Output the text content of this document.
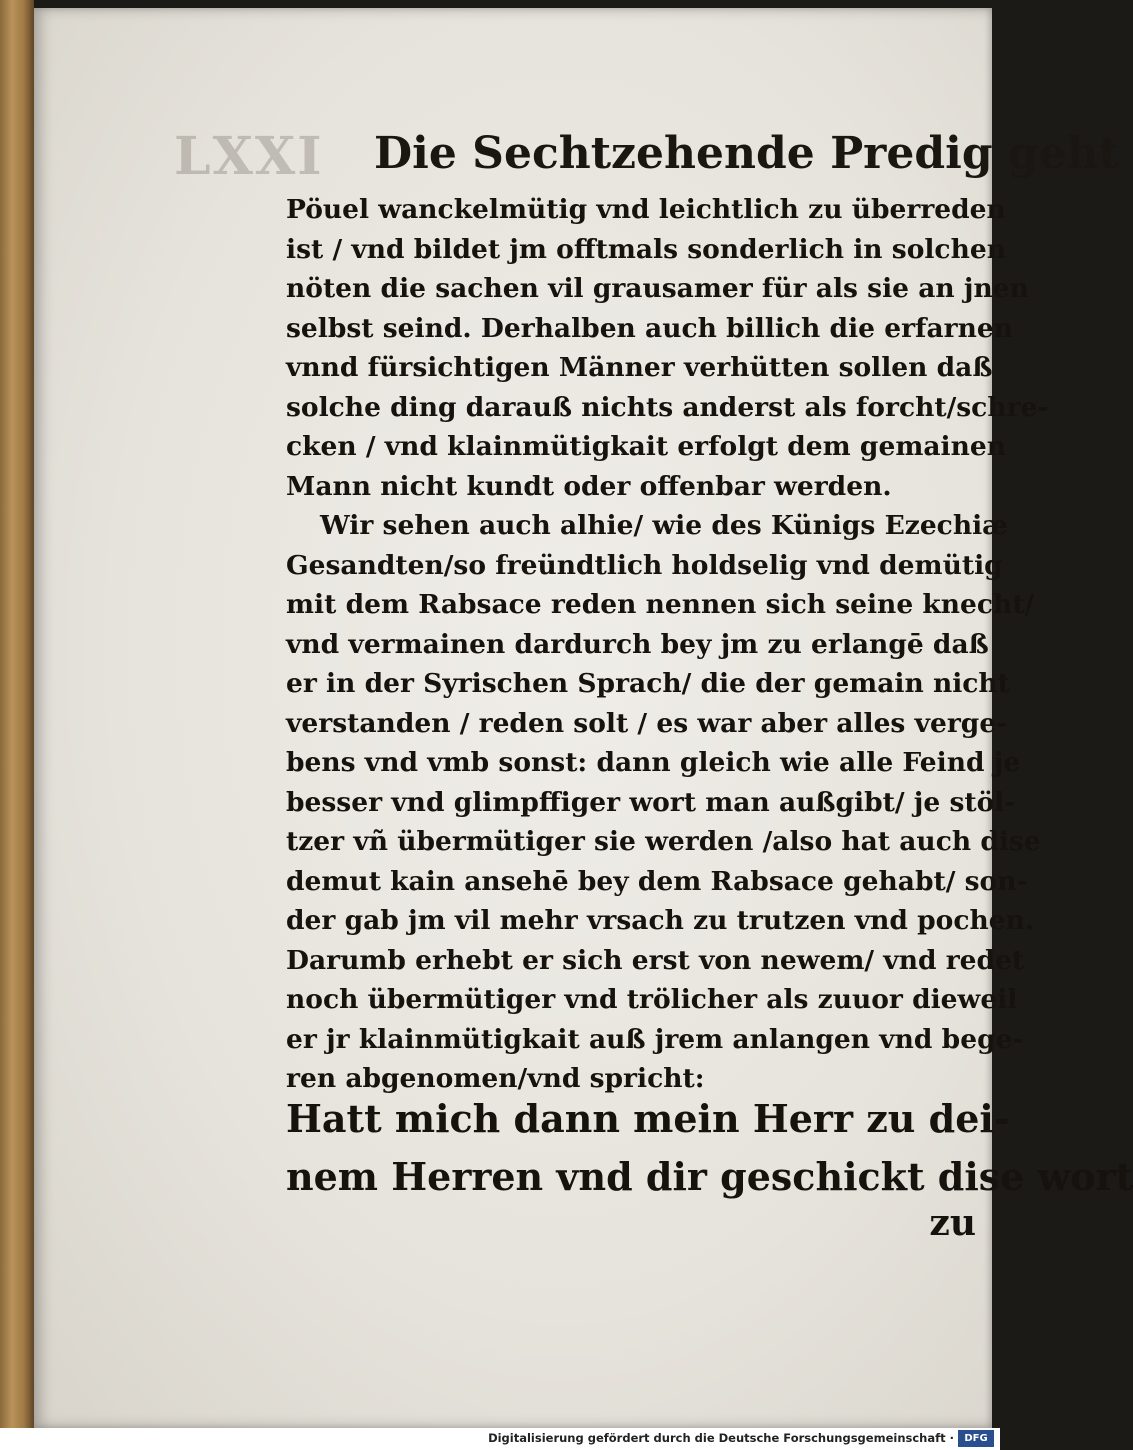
LXXI Die Sechtzehende Predig geht
Pöuel wanckelmütig vnd leichtlich zu überreden
ist / vnd bildet jm offtmals sonderlich in solchen
nöten die sachen vil grausamer für als sie an jnen
selbst seind. Derhalben auch billich die erfarnen
vnnd fürsichtigen Männer verhütten sollen daß
solche ding darauß nichts anderst als forcht/schre-
cken / vnd klainmütigkait erfolgt dem gemainen
Mann nicht kundt oder offenbar werden.
Wir sehen auch alhie/ wie des Künigs Ezechiæ
Gesandten/so freündtlich holdselig vnd demütig
mit dem Rabsace reden nennen sich seine knecht/
vnd vermainen dardurch bey jm zu erlangē daß
er in der Syrischen Sprach/ die der gemain nicht
verstanden / reden solt / es war aber alles verge-
bens vnd vmb sonst: dann gleich wie alle Feind je
besser vnd glimpffiger wort man außgibt/ je stöl-
tzer vñ übermütiger sie werden /also hat auch dise
demut kain ansehē bey dem Rabsace gehabt/ son-
der gab jm vil mehr vrsach zu trutzen vnd pochen.
Darumb erhebt er sich erst von newem/ vnd redet
noch übermütiger vnd trölicher als zuuor dieweil
er jr klainmütigkait auß jrem anlangen vnd bege-
ren abgenomen/vnd spricht:
Hatt mich dann mein Herr zu dei-
nem Herren vnd dir geschickt dise wort
zu
Digitalisierung gefördert durch die Deutsche Forschungsgemeinschaft ·	DFG
